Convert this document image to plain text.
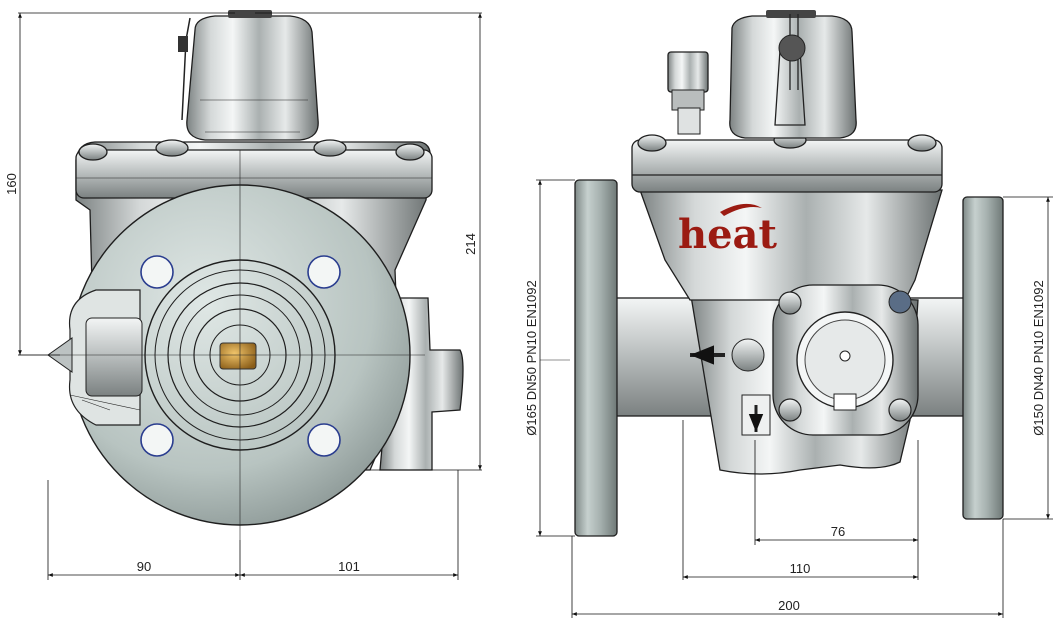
160
214
90	101
heat
Ø165 DN50 PN10 EN1092	Ø150 DN40 PN10 EN1092
76
110
200
